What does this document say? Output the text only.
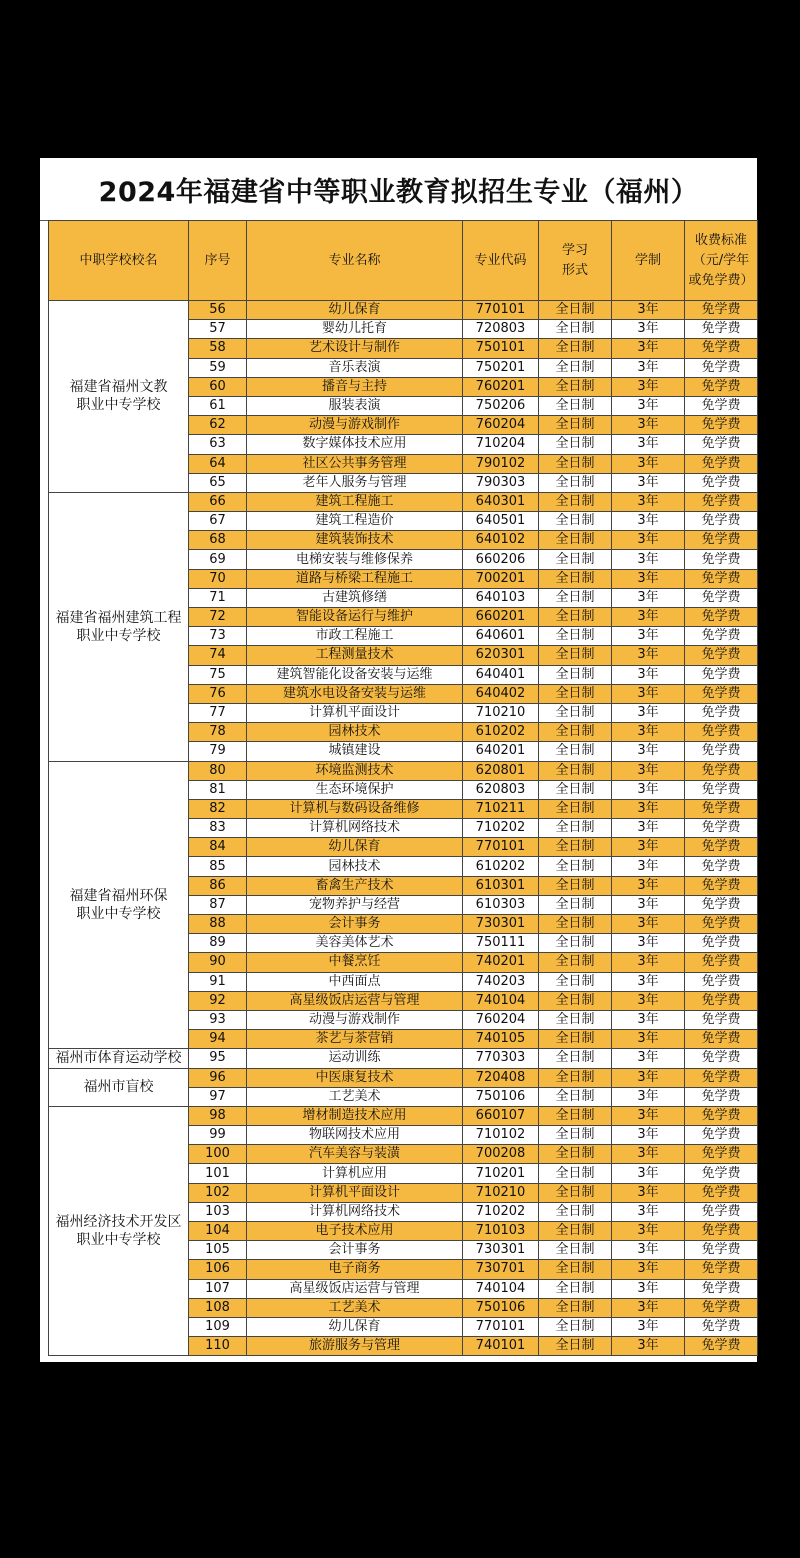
2024年福建省中等职业教育拟招生专业（福州）
中职学校校名	序号	专业名称	专业代码	学习
形式	学制	收费标准
（元/学年
或免学费）
福建省福州文教
职业中专学校	56	幼儿保育	770101	全日制	3年	免学费
	57	婴幼儿托育	720803	全日制	3年	免学费
	58	艺术设计与制作	750101	全日制	3年	免学费
	59	音乐表演	750201	全日制	3年	免学费
	60	播音与主持	760201	全日制	3年	免学费
	61	服装表演	750206	全日制	3年	免学费
	62	动漫与游戏制作	760204	全日制	3年	免学费
	63	数字媒体技术应用	710204	全日制	3年	免学费
	64	社区公共事务管理	790102	全日制	3年	免学费
	65	老年人服务与管理	790303	全日制	3年	免学费
福建省福州建筑工程
职业中专学校	66	建筑工程施工	640301	全日制	3年	免学费
	67	建筑工程造价	640501	全日制	3年	免学费
	68	建筑装饰技术	640102	全日制	3年	免学费
	69	电梯安装与维修保养	660206	全日制	3年	免学费
	70	道路与桥梁工程施工	700201	全日制	3年	免学费
	71	古建筑修缮	640103	全日制	3年	免学费
	72	智能设备运行与维护	660201	全日制	3年	免学费
	73	市政工程施工	640601	全日制	3年	免学费
	74	工程测量技术	620301	全日制	3年	免学费
	75	建筑智能化设备安装与运维	640401	全日制	3年	免学费
	76	建筑水电设备安装与运维	640402	全日制	3年	免学费
	77	计算机平面设计	710210	全日制	3年	免学费
	78	园林技术	610202	全日制	3年	免学费
	79	城镇建设	640201	全日制	3年	免学费
福建省福州环保
职业中专学校	80	环境监测技术	620801	全日制	3年	免学费
	81	生态环境保护	620803	全日制	3年	免学费
	82	计算机与数码设备维修	710211	全日制	3年	免学费
	83	计算机网络技术	710202	全日制	3年	免学费
	84	幼儿保育	770101	全日制	3年	免学费
	85	园林技术	610202	全日制	3年	免学费
	86	畜禽生产技术	610301	全日制	3年	免学费
	87	宠物养护与经营	610303	全日制	3年	免学费
	88	会计事务	730301	全日制	3年	免学费
	89	美容美体艺术	750111	全日制	3年	免学费
	90	中餐烹饪	740201	全日制	3年	免学费
	91	中西面点	740203	全日制	3年	免学费
	92	高星级饭店运营与管理	740104	全日制	3年	免学费
	93	动漫与游戏制作	760204	全日制	3年	免学费
	94	茶艺与茶营销	740105	全日制	3年	免学费
福州市体育运动学校	95	运动训练	770303	全日制	3年	免学费
福州市盲校	96	中医康复技术	720408	全日制	3年	免学费
	97	工艺美术	750106	全日制	3年	免学费
福州经济技术开发区
职业中专学校	98	增材制造技术应用	660107	全日制	3年	免学费
	99	物联网技术应用	710102	全日制	3年	免学费
	100	汽车美容与装潢	700208	全日制	3年	免学费
	101	计算机应用	710201	全日制	3年	免学费
	102	计算机平面设计	710210	全日制	3年	免学费
	103	计算机网络技术	710202	全日制	3年	免学费
	104	电子技术应用	710103	全日制	3年	免学费
	105	会计事务	730301	全日制	3年	免学费
	106	电子商务	730701	全日制	3年	免学费
	107	高星级饭店运营与管理	740104	全日制	3年	免学费
	108	工艺美术	750106	全日制	3年	免学费
	109	幼儿保育	770101	全日制	3年	免学费
	110	旅游服务与管理	740101	全日制	3年	免学费
